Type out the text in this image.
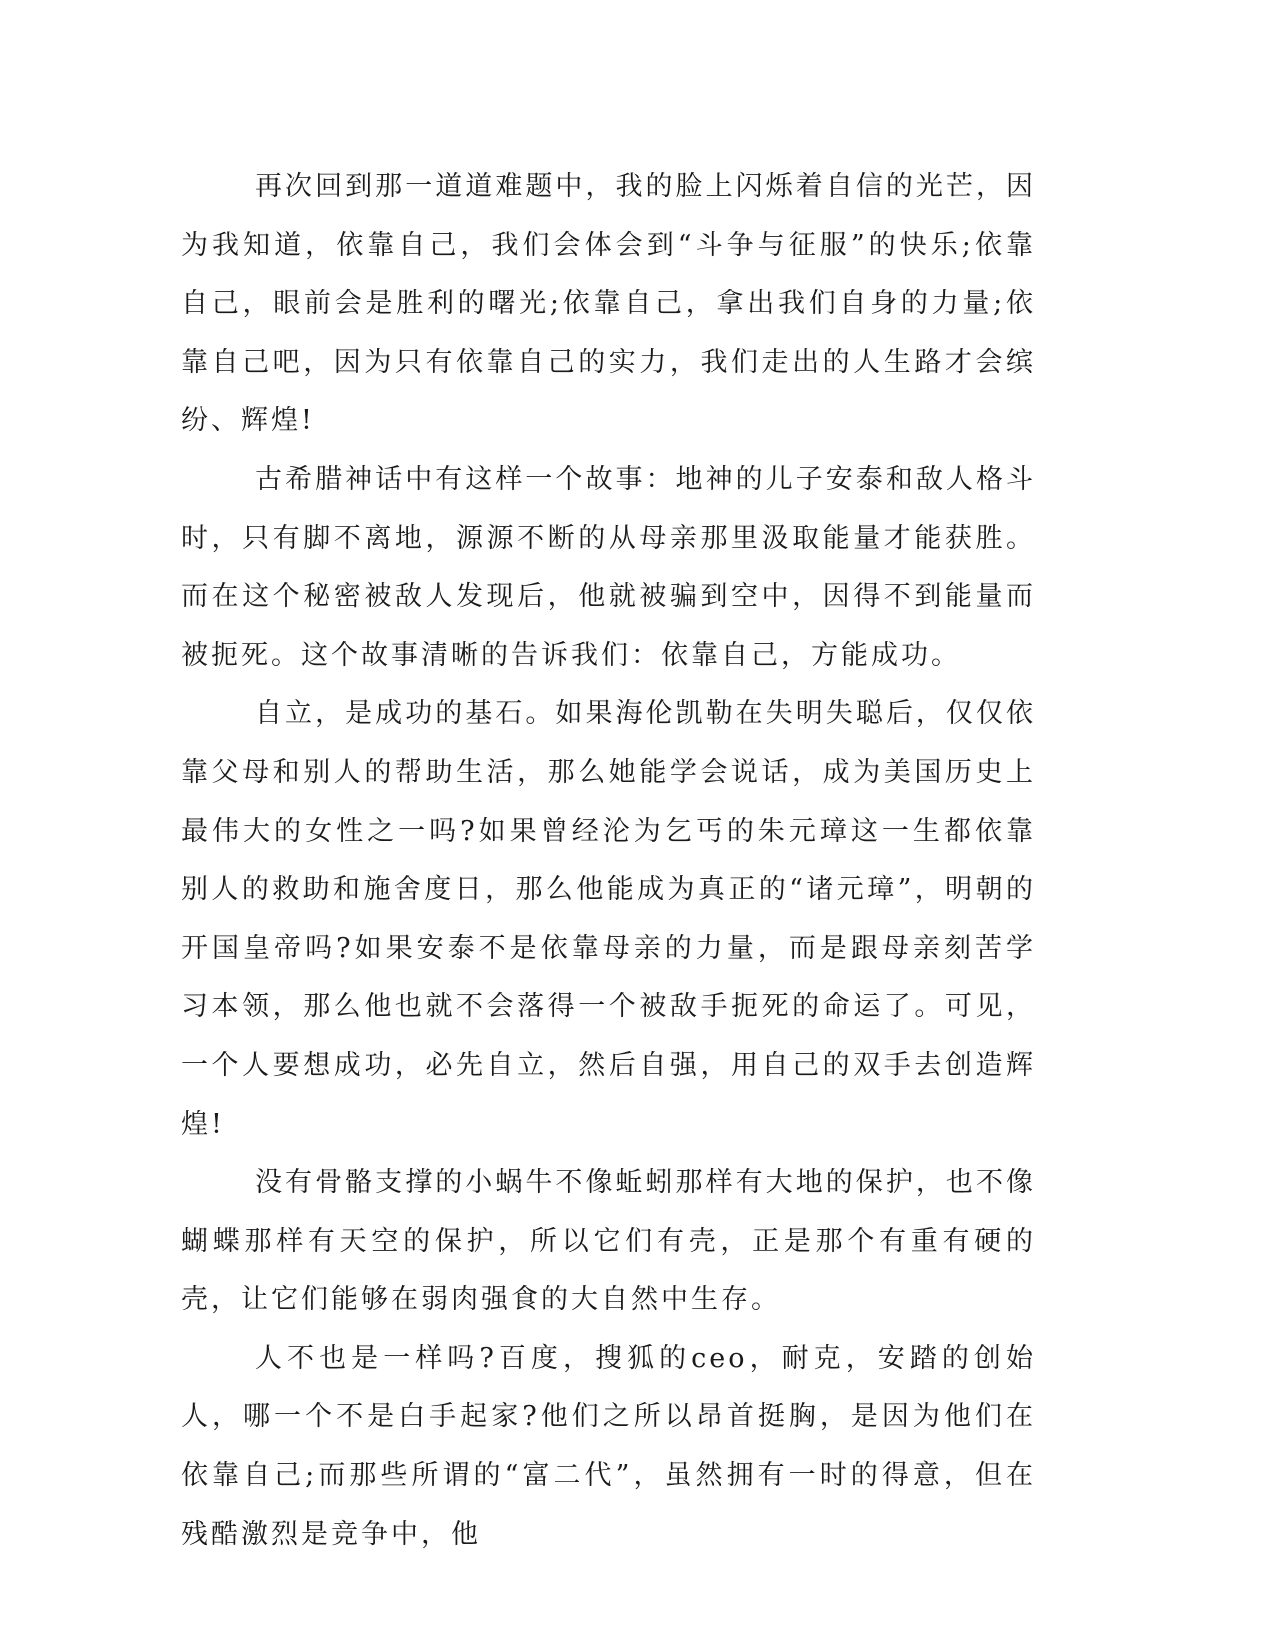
再次回到那一道道难题中，我的脸上闪烁着自信的光芒，因为我知道，依靠自己，我们会体会到“斗争与征服”的快乐;依靠自己，眼前会是胜利的曙光;依靠自己，拿出我们自身的力量;依靠自己吧，因为只有依靠自己的实力，我们走出的人生路才会缤纷、辉煌!

古希腊神话中有这样一个故事：地神的儿子安泰和敌人格斗时，只有脚不离地，源源不断的从母亲那里汲取能量才能获胜。而在这个秘密被敌人发现后，他就被骗到空中，因得不到能量而被扼死。这个故事清晰的告诉我们：依靠自己，方能成功。

自立，是成功的基石。如果海伦凯勒在失明失聪后，仅仅依靠父母和别人的帮助生活，那么她能学会说话，成为美国历史上最伟大的女性之一吗?如果曾经沦为乞丐的朱元璋这一生都依靠别人的救助和施舍度日，那么他能成为真正的“诸元璋”，明朝的开国皇帝吗?如果安泰不是依靠母亲的力量，而是跟母亲刻苦学习本领，那么他也就不会落得一个被敌手扼死的命运了。可见，一个人要想成功，必先自立，然后自强，用自己的双手去创造辉煌!

没有骨骼支撑的小蜗牛不像蚯蚓那样有大地的保护，也不像蝴蝶那样有天空的保护，所以它们有壳，正是那个有重有硬的壳，让它们能够在弱肉强食的大自然中生存。

人不也是一样吗?百度，搜狐的ceo，耐克，安踏的创始人，哪一个不是白手起家?他们之所以昂首挺胸，是因为他们在依靠自己;而那些所谓的“富二代”，虽然拥有一时的得意，但在残酷激烈是竞争中，他
